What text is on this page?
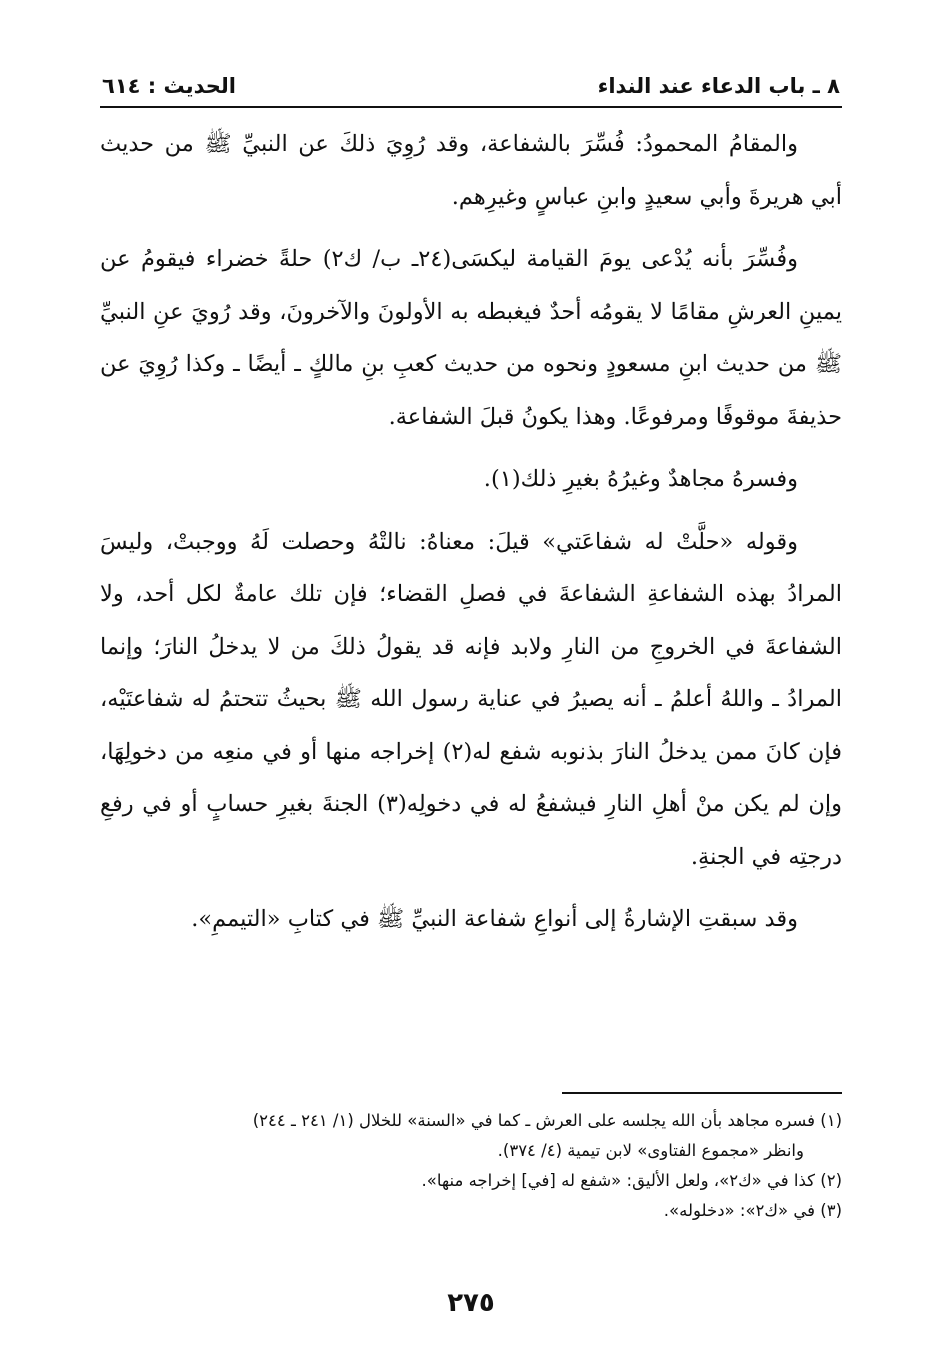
٨ ـ باب الدعاء عند النداء
الحديث : ٦١٤

والمقامُ المحمودُ: فُسِّرَ بالشفاعة، وقد رُوِيَ ذلكَ عن النبيِّ ﷺ من حديث أبي هريرةَ وأبي سعيدٍ وابنِ عباسٍ وغيرِهم.

وفُسِّرَ بأنه يُدْعى يومَ القيامة ليكسَى(٢٤ـ ب/ ك٢) حلةً خضراء فيقومُ عن يمينِ العرشِ مقامًا لا يقومُه أحدٌ فيغبطه به الأولونَ والآخرونَ، وقد رُويَ عنِ النبيِّ ﷺ من حديث ابنِ مسعودٍ ونحوه من حديث كعبِ بنِ مالكٍ ـ أيضًا ـ وكذا رُوِيَ عن حذيفةَ موقوفًا ومرفوعًا. وهذا يكونُ قبلَ الشفاعة.

وفسرهُ مجاهدٌ وغيرُهُ بغيرِ ذلك(١).

وقوله «حلَّتْ له شفاعَتي» قيلَ: معناهُ: نالتْهُ وحصلت لَهُ ووجبتْ، وليسَ المرادُ بهذه الشفاعةِ الشفاعةَ في فصلِ القضاء؛ فإن تلك عامةٌ لكل أحد، ولا الشفاعةَ في الخروجِ من النارِ ولابد فإنه قد يقولُ ذلكَ من لا يدخلُ النارَ؛ وإنما المرادُ ـ واللهُ أعلمُ ـ أنه يصيرُ في عناية رسول الله ﷺ بحيثُ تتحتمُ له شفاعتَيْه، فإن كانَ ممن يدخلُ النارَ بذنوبه شفع له(٢) إخراجه منها أو في منعِه من دخولِهَا، وإن لم يكن منْ أهلِ النارِ فيشفعُ له في دخولِه(٣) الجنةَ بغيرِ حسابٍ أو في رفعِ درجتِه في الجنةِ.

وقد سبقتِ الإشارةُ إلى أنواعِ شفاعة النبيِّ ﷺ في كتابِ «التيممِ».

(١) فسره مجاهد بأن الله يجلسه على العرش ـ كما في «السنة» للخلال (١/ ٢٤١ ـ ٢٤٤)
وانظر «مجموع الفتاوى» لابن تيمية (٤/ ٣٧٤).

(٢) كذا في «ك٢»، ولعل الأليق: «شفع له [في] إخراجه منها».

(٣) في «ك٢»: «دخلوله».

٢٧٥
